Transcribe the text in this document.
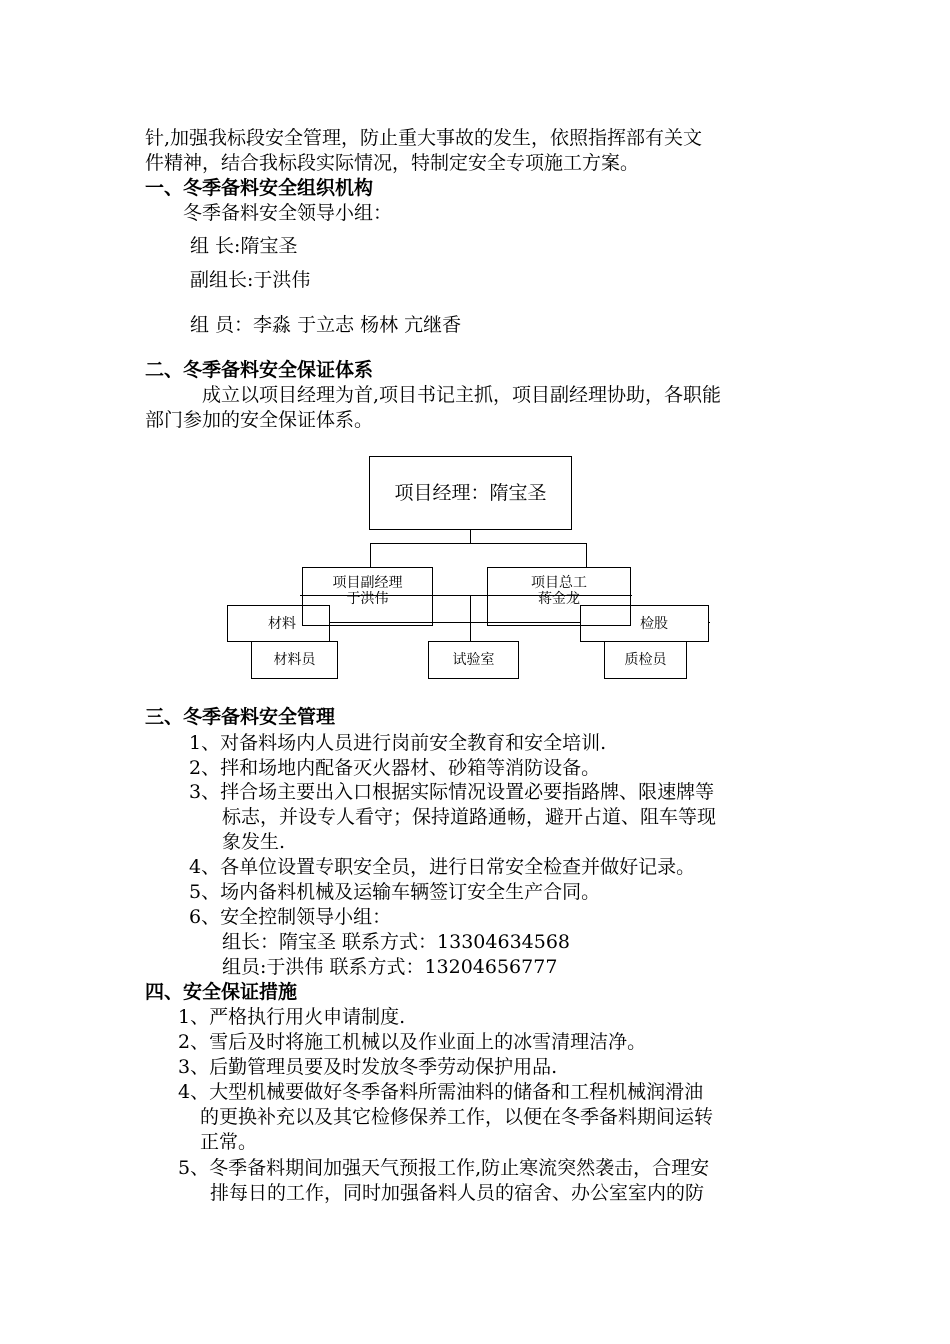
针,加强我标段安全管理，防止重大事故的发生，依照指挥部有关文
件精神，结合我标段实际情况，特制定安全专项施工方案。
一、冬季备料安全组织机构
冬季备料安全领导小组：
组 长:隋宝圣
副组长:于洪伟
组 员：李淼 于立志 杨林 亢继香
二、冬季备料安全保证体系
成立以项目经理为首,项目书记主抓，项目副经理协助，各职能
部门参加的安全保证体系。
项目经理：隋宝圣
材料	检股
项目副经理
于洪伟
项目总工
蒋金龙
材料员	试验室	质检员
三、冬季备料安全管理
1、对备料场内人员进行岗前安全教育和安全培训.
2、拌和场地内配备灭火器材、砂箱等消防设备。
3、拌合场主要出入口根据实际情况设置必要指路牌、限速牌等
标志，并设专人看守；保持道路通畅，避开占道、阻车等现
象发生.
4、各单位设置专职安全员，进行日常安全检查并做好记录。
5、场内备料机械及运输车辆签订安全生产合同。
6、安全控制领导小组：
组长：隋宝圣 联系方式：13304634568
组员:于洪伟 联系方式：13204656777
四、安全保证措施
1、严格执行用火申请制度.
2、雪后及时将施工机械以及作业面上的冰雪清理洁净。
3、后勤管理员要及时发放冬季劳动保护用品.
4、大型机械要做好冬季备料所需油料的储备和工程机械润滑油
的更换补充以及其它检修保养工作，以便在冬季备料期间运转
正常。
5、冬季备料期间加强天气预报工作,防止寒流突然袭击，合理安
排每日的工作，同时加强备料人员的宿舍、办公室室内的防
